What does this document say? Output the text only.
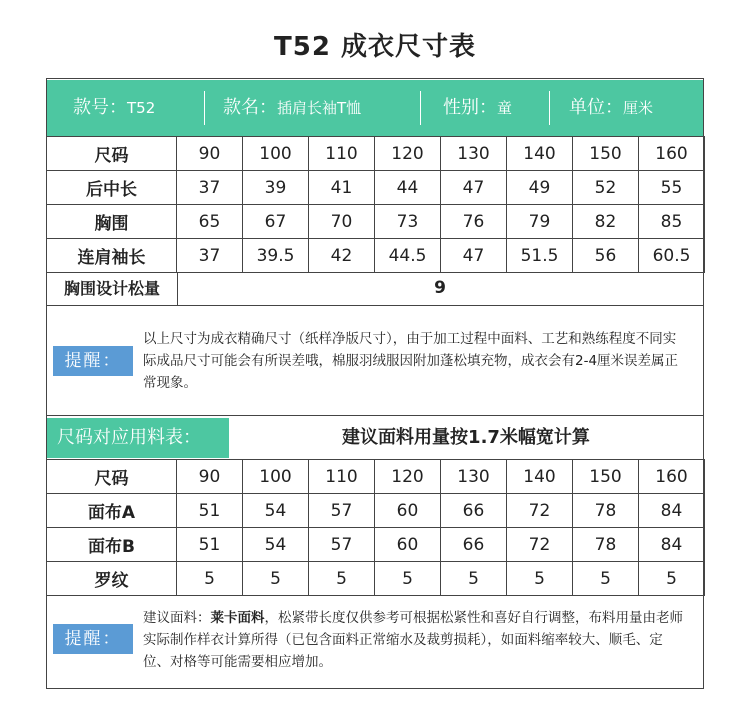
T52 成衣尺寸表
款号：T52	款名：插肩长袖T恤	性别：童	单位：厘米
尺码	90	100	110	120	130	140	150	160
后中长	37	39	41	44	47	49	52	55
胸围	65	67	70	73	76	79	82	85
连肩袖长	37	39.5	42	44.5	47	51.5	56	60.5
胸围设计松量	9
提醒：
以上尺寸为成衣精确尺寸（纸样净版尺寸），由于加工过程中面料、工艺和熟练程度不同实际成品尺寸可能会有所误差哦，棉服羽绒服因附加蓬松填充物，成衣会有2-4厘米误差属正常现象。
尺码对应用料表：	建议面料用量按1.7米幅宽计算
尺码	90	100	110	120	130	140	150	160
面布A	51	54	57	60	66	72	78	84
面布B	51	54	57	60	66	72	78	84
罗纹	5	5	5	5	5	5	5	5
提醒：
建议面料：莱卡面料，松紧带长度仅供参考可根据松紧性和喜好自行调整，布料用量由老师实际制作样衣计算所得（已包含面料正常缩水及裁剪损耗），如面料缩率较大、顺毛、定位、对格等可能需要相应增加。
